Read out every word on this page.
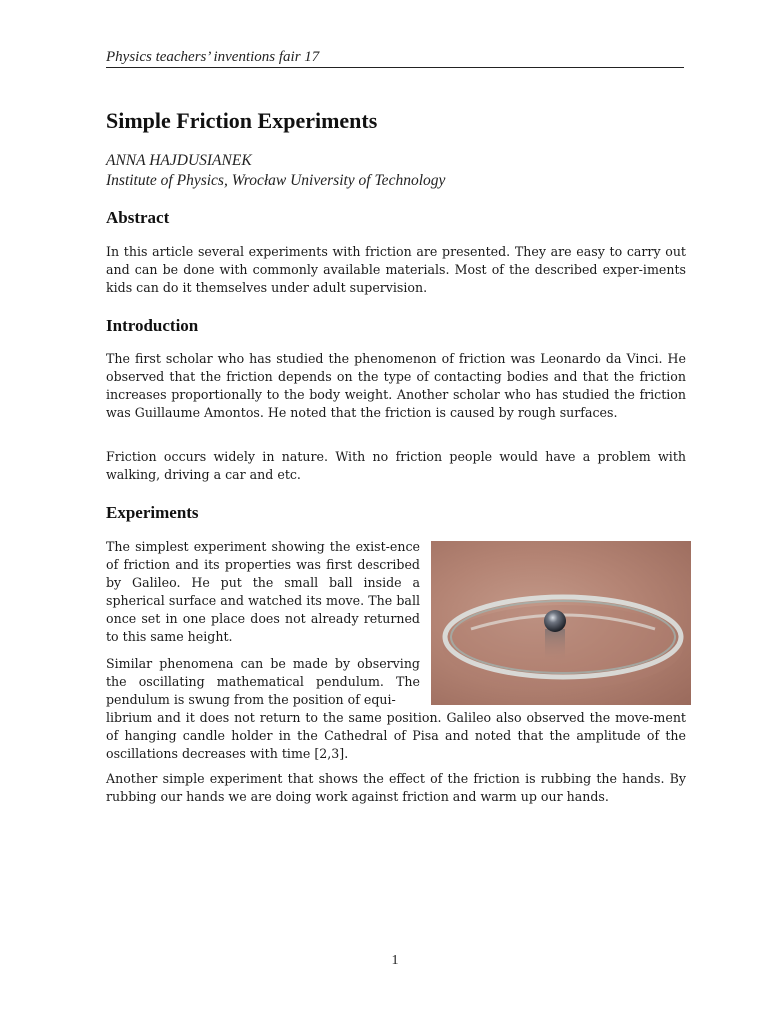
Physics teachers’ inventions fair 17
Simple Friction Experiments
ANNA HAJDUSIANEK
Institute of Physics, Wrocław University of Technology
Abstract

In this article several experiments with friction are presented. They are easy to carry out and can be done with commonly available materials. Most of the described exper-iments kids can do it themselves under adult supervision.

Introduction

The first scholar who has studied the phenomenon of friction was Leonardo da Vinci. He observed that the friction depends on the type of contacting bodies and that the friction increases proportionally to the body weight. Another scholar who has studied the friction was Guillaume Amontos. He noted that the friction is caused by rough surfaces.

Friction occurs widely in nature. With no friction people would have a problem with walking, driving a car and etc.

Experiments

The simplest experiment showing the exist-ence of friction and its properties was first described by Galileo. He put the small ball inside a spherical surface and watched its move. The ball once set in one place does not already returned to this same height.

Similar phenomena can be made by observing the oscillating mathematical pendulum. The pendulum is swung from the position of equi-

librium and it does not return to the same position. Galileo also observed the move-ment of hanging candle holder in the Cathedral of Pisa and noted that the amplitude of the oscillations decreases with time [2,3].

Another simple experiment that shows the effect of the friction is rubbing the hands. By rubbing our hands we are doing work against friction and warm up our hands.

1
